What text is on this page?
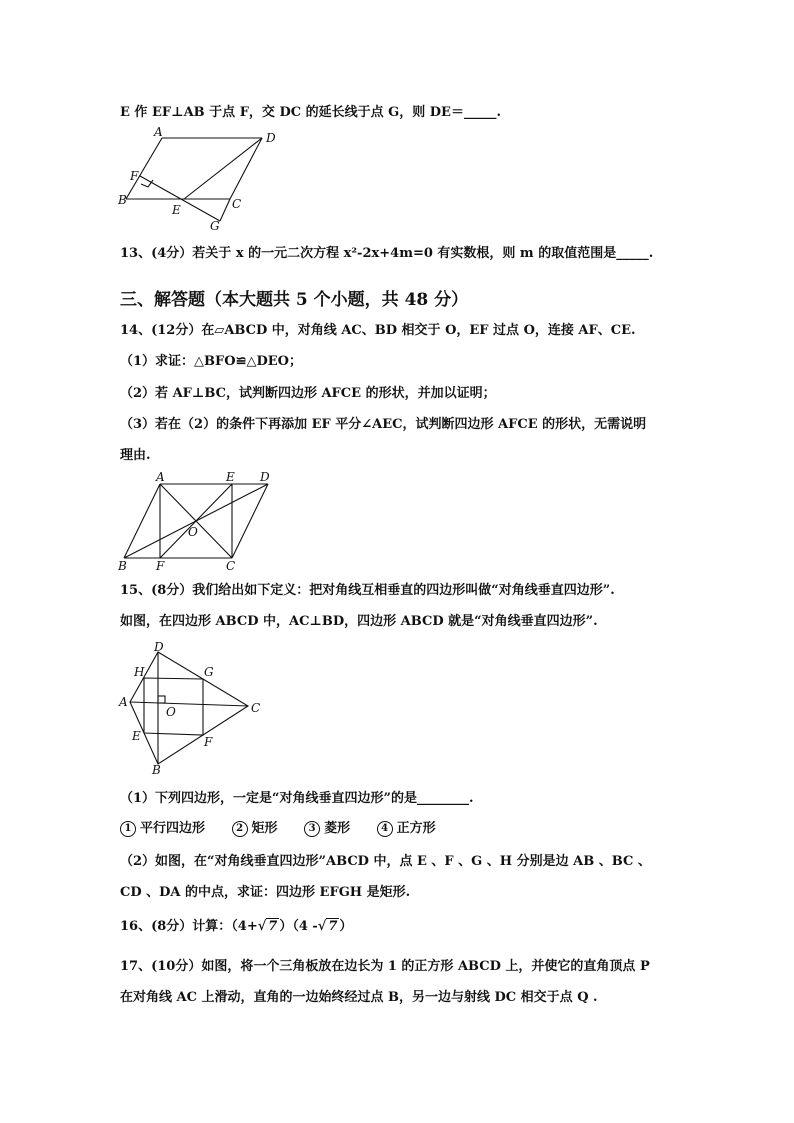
E 作 EF⊥AB 于点 F，交 DC 的延长线于点 G，则 DE＝_____.
A	D
F
B
E	C
G
13、(4分）若关于 x 的一元二次方程 x²-2x+4m=0 有实数根，则 m 的取值范围是_____.
三、解答题（本大题共 5 个小题，共 48 分）
14、(12分）在▱ABCD 中，对角线 AC、BD 相交于 O，EF 过点 O，连接 AF、CE.
（1）求证：△BFO≌△DEO；
（2）若 AF⊥BC，试判断四边形 AFCE 的形状，并加以证明；
（3）若在（2）的条件下再添加 EF 平分∠AEC，试判断四边形 AFCE 的形状，无需说明
理由.
A	E D
O
B F	C
15、(8分）我们给出如下定义：把对角线互相垂直的四边形叫做“对角线垂直四边形”.
如图，在四边形 ABCD 中，AC⊥BD，四边形 ABCD 就是“对角线垂直四边形”.
D
H	G
A
O	C
E	F
B
（1）下列四边形，一定是“对角线垂直四边形”的是________.
1 平行四边形	2 矩形	3 菱形	4 正方形
（2）如图，在“对角线垂直四边形”ABCD 中，点 E 、F 、G 、H 分别是边 AB 、BC 、
CD 、DA 的中点，求证：四边形 EFGH 是矩形.
16、(8分）计算：（4+√ 7 ）（4 -√ 7 ）
17、(10分）如图，将一个三角板放在边长为 1 的正方形 ABCD 上，并使它的直角顶点 P
在对角线 AC 上滑动，直角的一边始终经过点 B，另一边与射线 DC 相交于点 Q .
